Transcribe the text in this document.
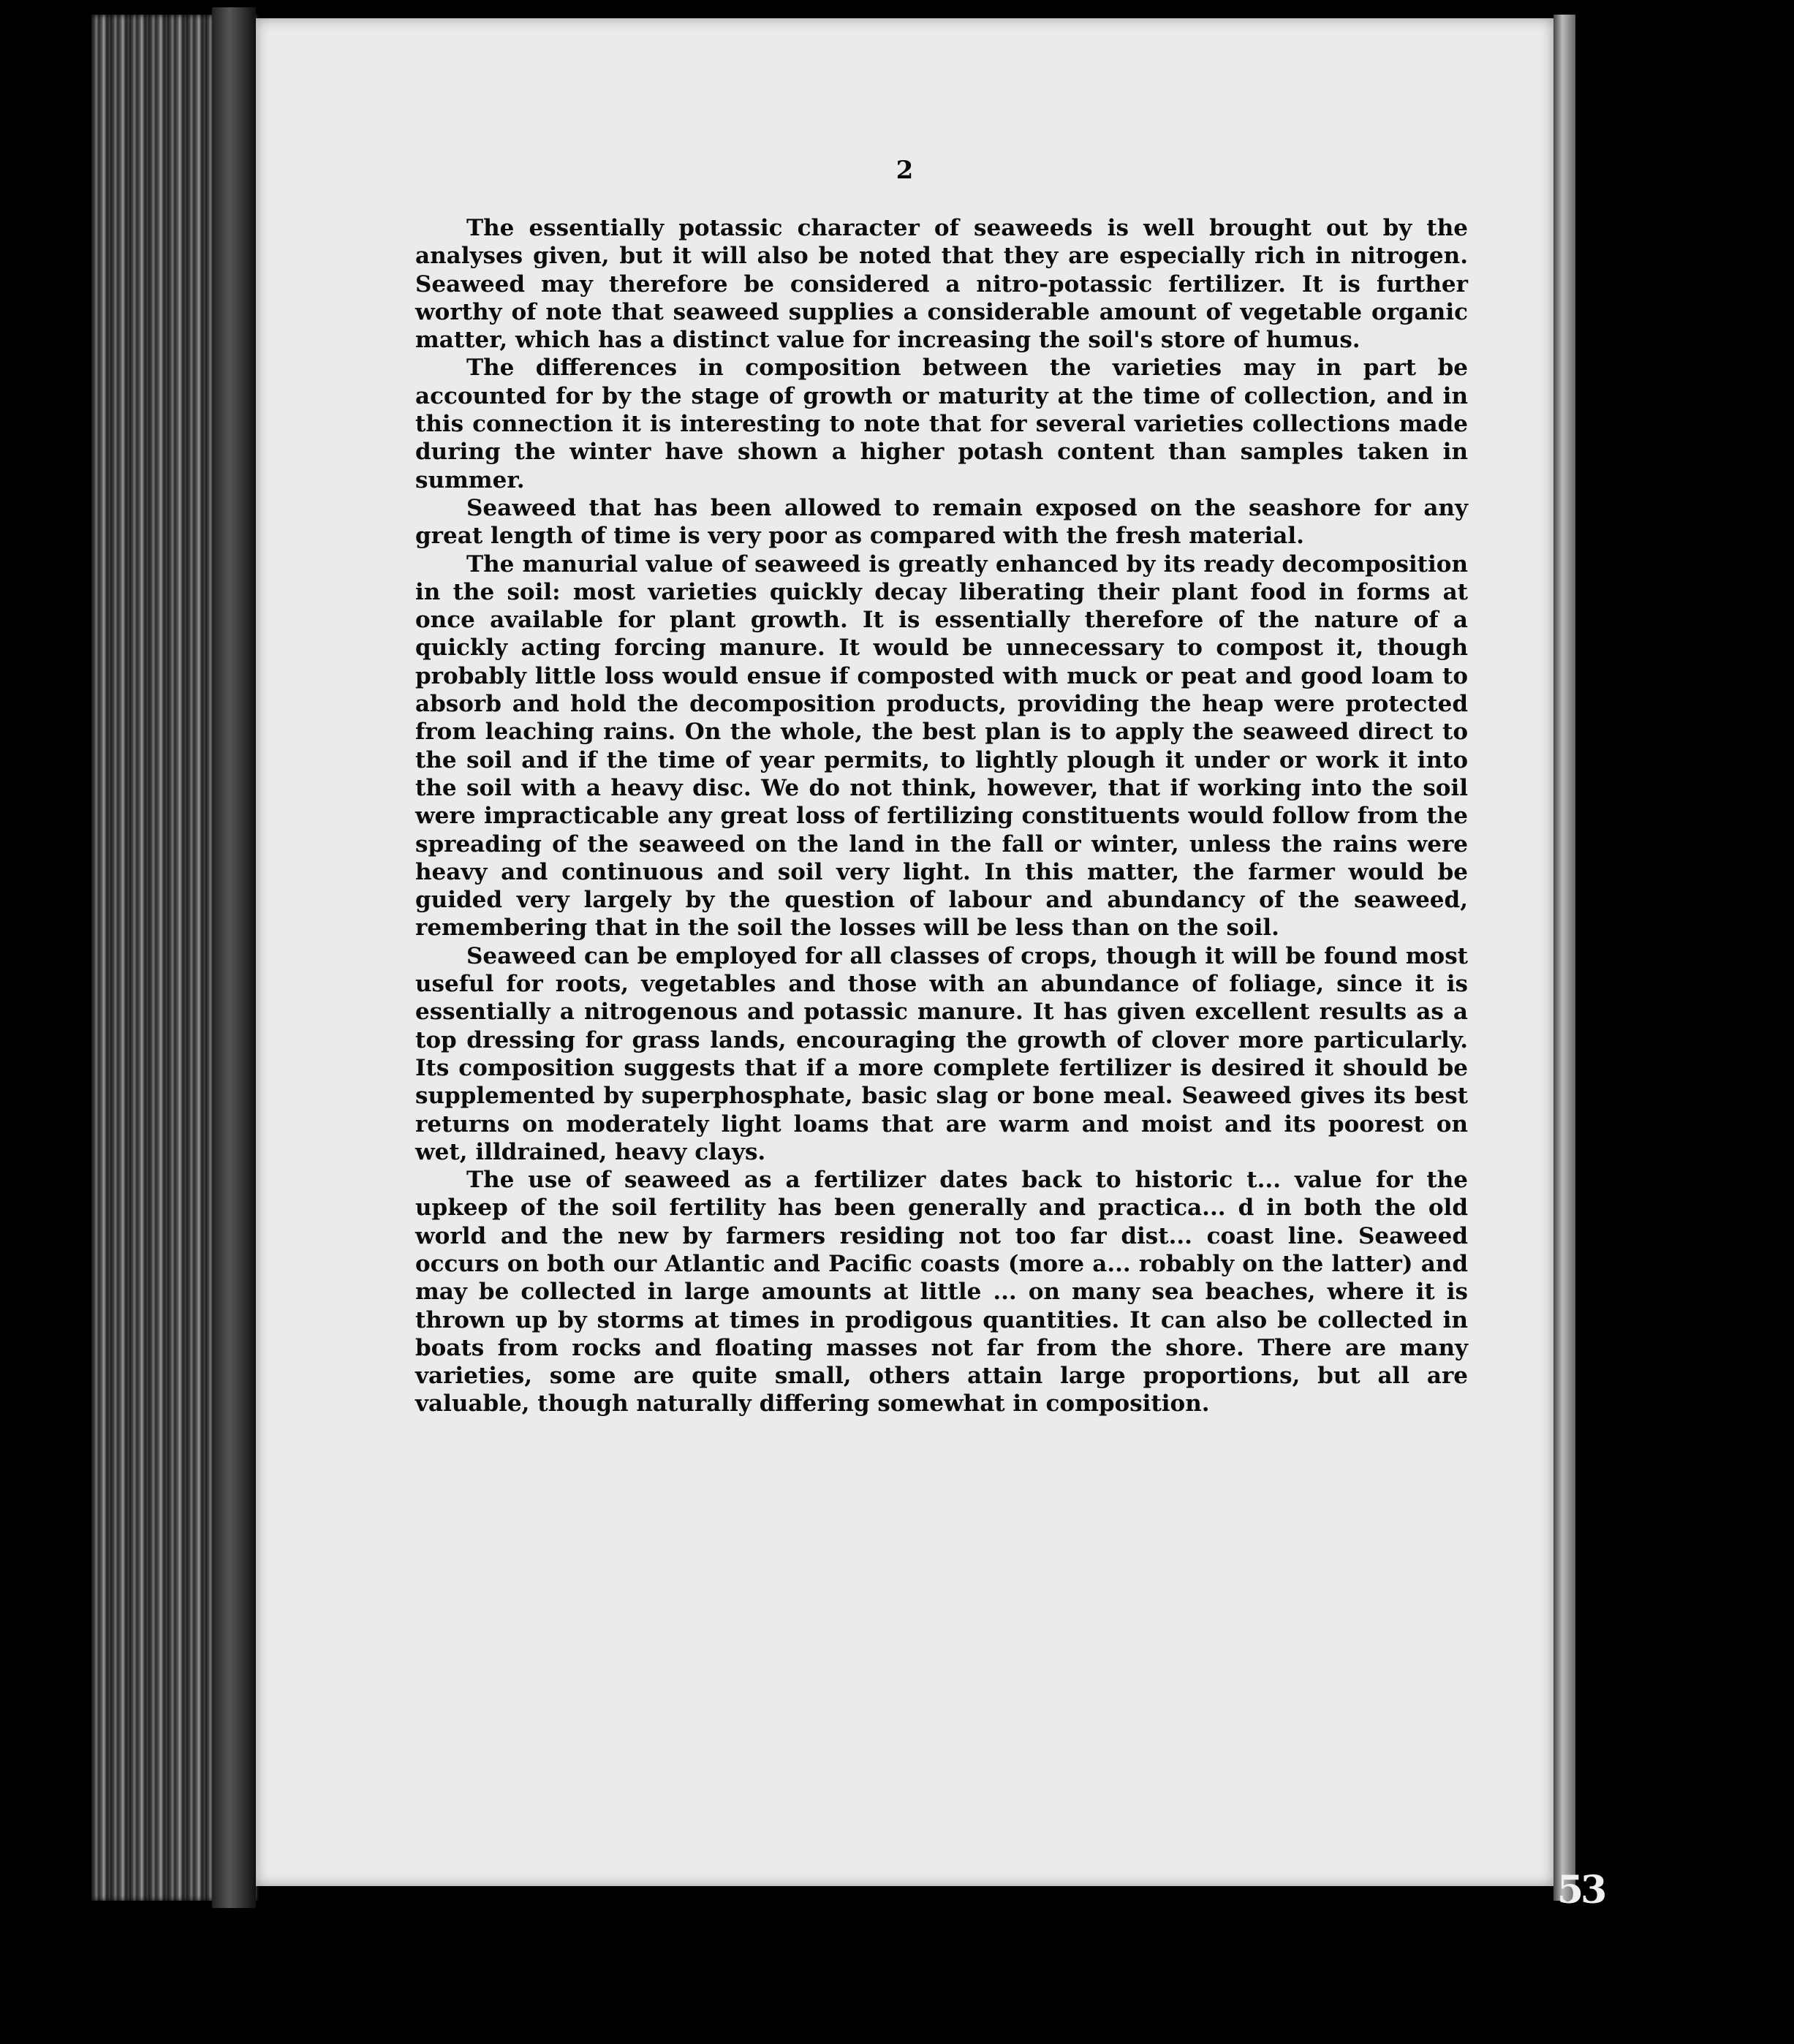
2

The essentially potassic character of seaweeds is well brought out by the analyses given, but it will also be noted that they are especially rich in nitrogen. Seaweed may therefore be considered a nitro-potassic fertilizer. It is further worthy of note that seaweed supplies a considerable amount of vegetable organic matter, which has a distinct value for increasing the soil's store of humus.

The differences in composition between the varieties may in part be accounted for by the stage of growth or maturity at the time of collection, and in this connection it is interesting to note that for several varieties collections made during the winter have shown a higher potash content than samples taken in summer.

Seaweed that has been allowed to remain exposed on the seashore for any great length of time is very poor as compared with the fresh material.

The manurial value of seaweed is greatly enhanced by its ready decomposition in the soil: most varieties quickly decay liberating their plant food in forms at once available for plant growth. It is essentially therefore of the nature of a quickly acting forcing manure. It would be unnecessary to compost it, though probably little loss would ensue if composted with muck or peat and good loam to absorb and hold the decomposition products, providing the heap were protected from leaching rains. On the whole, the best plan is to apply the seaweed direct to the soil and if the time of year permits, to lightly plough it under or work it into the soil with a heavy disc. We do not think, however, that if working into the soil were impracticable any great loss of fertilizing constituents would follow from the spreading of the seaweed on the land in the fall or winter, unless the rains were heavy and continuous and soil very light. In this matter, the farmer would be guided very largely by the question of labour and abundancy of the seaweed, remembering that in the soil the losses will be less than on the soil.

Seaweed can be employed for all classes of crops, though it will be found most useful for roots, vegetables and those with an abundance of foliage, since it is essentially a nitrogenous and potassic manure. It has given excellent results as a top dressing for grass lands, encouraging the growth of clover more particularly. Its composition suggests that if a more complete fertilizer is desired it should be supplemented by superphosphate, basic slag or bone meal. Seaweed gives its best returns on moderately light loams that are warm and moist and its poorest on wet, illdrained, heavy clays.

The use of seaweed as a fertilizer dates back to historic t... value for the upkeep of the soil fertility has been generally and practica... d in both the old world and the new by farmers residing not too far dist... coast line. Seaweed occurs on both our Atlantic and Pacific coasts (more a... robably on the latter) and may be collected in large amounts at little ... on many sea beaches, where it is thrown up by storms at times in prodigous quantities. It can also be collected in boats from rocks and floating masses not far from the shore. There are many varieties, some are quite small, others attain large proportions, but all are valuable, though naturally differing somewhat in composition.

53
